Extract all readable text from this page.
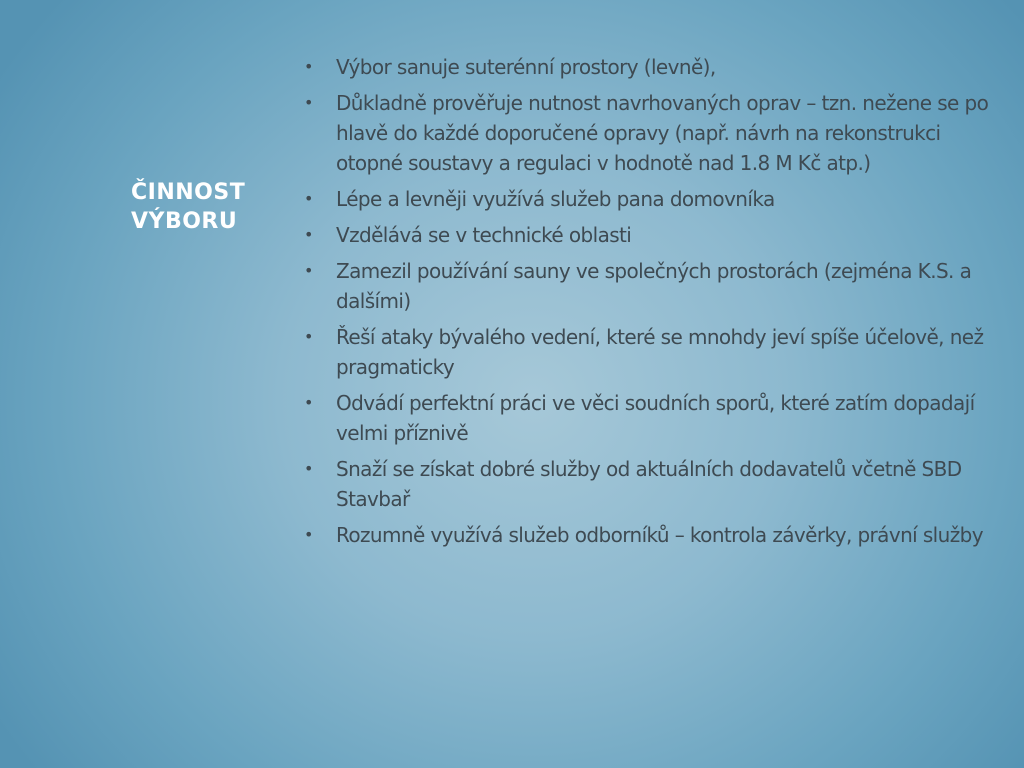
ČINNOST VÝBORU
•	Výbor sanuje suterénní prostory (levně),
•	Důkladně prověřuje nutnost navrhovaných oprav – tzn. nežene se po hlavě do každé doporučené opravy (např. návrh na rekonstrukci otopné soustavy a regulaci v hodnotě nad 1.8 M Kč atp.)
•	Lépe a levněji využívá služeb pana domovníka
•	Vzdělává se v technické oblasti
•	Zamezil používání sauny ve společných prostorách (zejména K.S. a dalšími)
•	Řeší ataky bývalého vedení, které se mnohdy jeví spíše účelově, než pragmaticky
•	Odvádí perfektní práci ve věci soudních sporů, které zatím dopadají velmi příznivě
•	Snaží se získat dobré služby od aktuálních dodavatelů včetně SBD Stavbař
•	Rozumně využívá služeb odborníků – kontrola závěrky, právní služby
